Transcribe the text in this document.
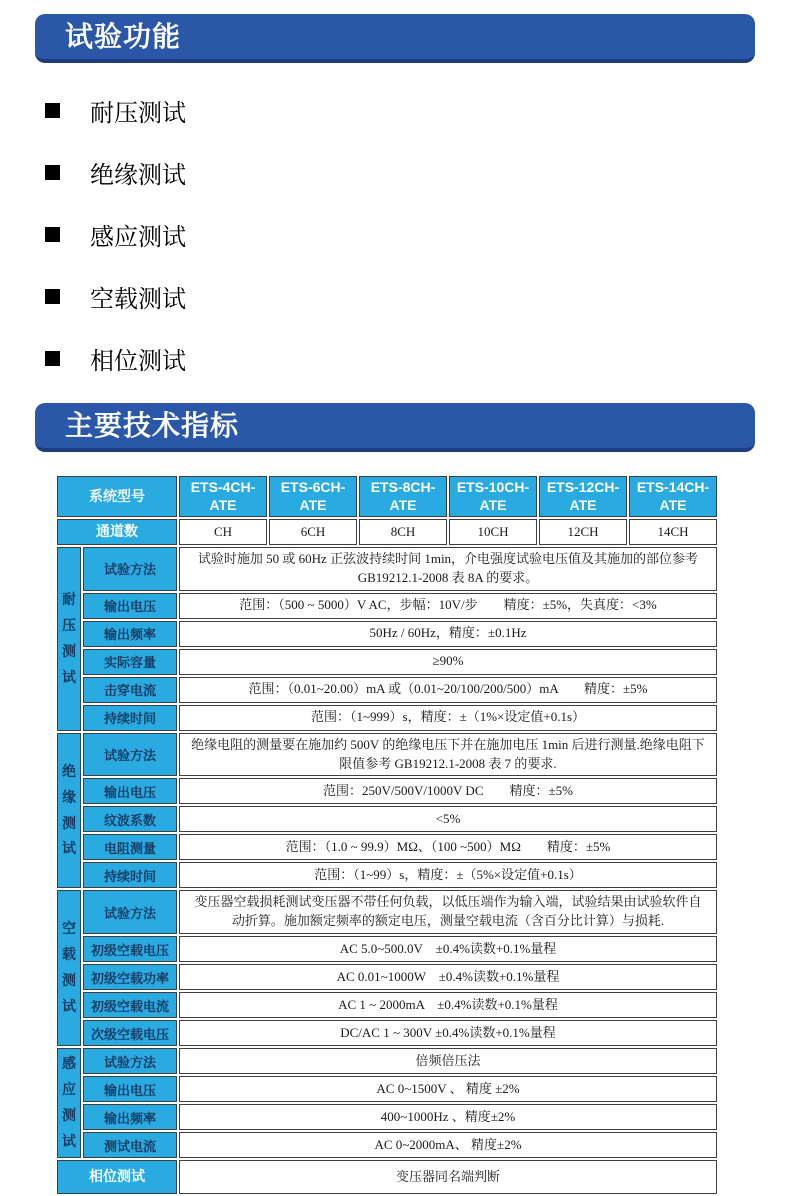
试验功能
耐压测试
绝缘测试
感应测试
空载测试
相位测试
主要技术指标
系统型号		ETS-4CH-ATE	ETS-6CH-ATE	ETS-8CH-ATE	ETS-10CH-ATE	ETS-12CH-ATE	ETS-14CH-ATE
通道数		CH	6CH	8CH	10CH	12CH	14CH

耐
压
测
试	试验方法	试验时施加 50 或 60Hz 正弦波持续时间 1min，介电强度试验电压值及其施加的部位参考 GB19212.1-2008 表 8A 的要求。					
	输出电压	范围：（500 ~ 5000）V AC，步幅：10V/步　　精度：±5%，失真度：<3%					
	输出频率	50Hz / 60Hz，精度：±0.1Hz					
	实际容量	≥90%					
	击穿电流	范围：（0.01~20.00）mA 或（0.01~20/100/200/500）mA　　精度：±5%					
	持续时间	范围：（1~999）s，精度：±（1%×设定值+0.1s）					

绝
缘
测
试	试验方法	绝缘电阻的测量要在施加约 500V 的绝缘电压下并在施加电压 1min 后进行测量.绝缘电阻下限值参考 GB19212.1-2008 表 7 的要求.					
	输出电压	范围：250V/500V/1000V DC　　精度：±5%					
	纹波系数	<5%					
	电阻测量	范围：（1.0 ~ 99.9）MΩ、（100 ~500）MΩ　　精度：±5%					
	持续时间	范围：（1~99）s，精度：±（5%×设定值+0.1s）					

空
载
测
试	试验方法	变压器空载损耗测试变压器不带任何负载，以低压端作为输入端，试验结果由试验软件自动折算。施加额定频率的额定电压，测量空载电流（含百分比计算）与损耗.					
	初级空载电压	AC 5.0~500.0V　±0.4%读数+0.1%量程					
	初级空载功率	AC 0.01~1000W　±0.4%读数+0.1%量程					
	初级空载电流	AC 1 ~ 2000mA　±0.4%读数+0.1%量程					
	次级空载电压	DC/AC 1 ~ 300V ±0.4%读数+0.1%量程					

感
应
测
试	试验方法	倍频倍压法					
	输出电压	AC 0~1500V 、 精度 ±2%					
	输出频率	400~1000Hz 、精度±2%					
	测试电流	AC 0~2000mA、 精度±2%					
相位测试		变压器同名端判断					
